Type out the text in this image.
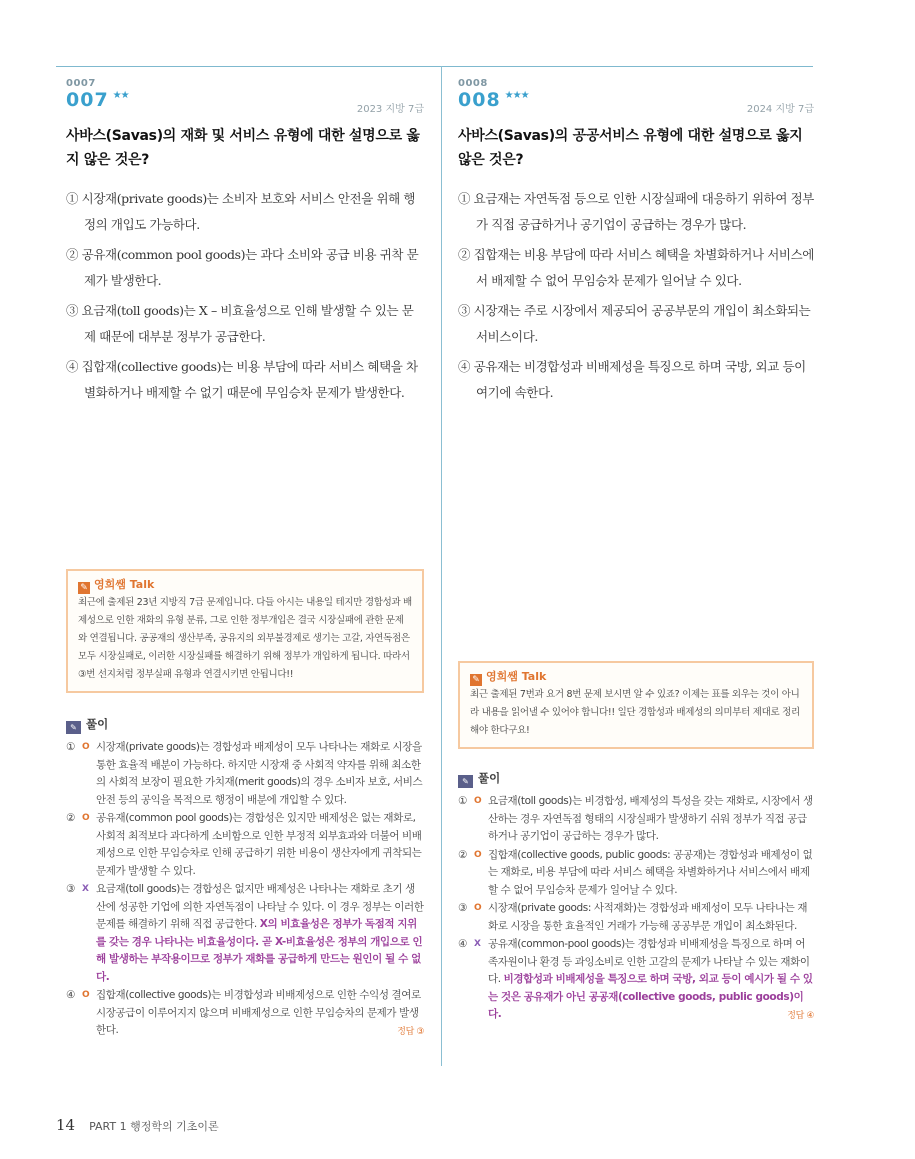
0007
007 ★★
2023 지방 7급
사바스(Savas)의 재화 및 서비스 유형에 대한 설명으로 옳지 않은 것은?
① 시장재(private goods)는 소비자 보호와 서비스 안전을 위해 행정의 개입도 가능하다.
② 공유재(common pool goods)는 과다 소비와 공급 비용 귀착 문제가 발생한다.
③ 요금재(toll goods)는 X – 비효율성으로 인해 발생할 수 있는 문제 때문에 대부분 정부가 공급한다.
④ 집합재(collective goods)는 비용 부담에 따라 서비스 혜택을 차별화하거나 배제할 수 없기 때문에 무임승차 문제가 발생한다.
✎ 영희쌤 Talk
최근에 출제된 23년 지방직 7급 문제입니다. 다들 아시는 내용일 테지만 경합성과 배제성으로 인한 재화의 유형 분류, 그로 인한 정부개입은 결국 시장실패에 관한 문제와 연결됩니다. 공공재의 생산부족, 공유지의 외부불경제로 생기는 고갈, 자연독점은 모두 시장실패로, 이러한 시장실패를 해결하기 위해 정부가 개입하게 됩니다. 따라서 ③번 선지처럼 정부실패 유형과 연결시키면 안됩니다!!
✎ 풀이
① O 시장재(private goods)는 경합성과 배제성이 모두 나타나는 재화로 시장을 통한 효율적 배분이 가능하다. 하지만 시장재 중 사회적 약자를 위해 최소한의 사회적 보장이 필요한 가치재(merit goods)의 경우 소비자 보호, 서비스 안전 등의 공익을 목적으로 행정이 배분에 개입할 수 있다.
② O 공유재(common pool goods)는 경합성은 있지만 배제성은 없는 재화로, 사회적 최적보다 과다하게 소비함으로 인한 부정적 외부효과와 더불어 비배제성으로 인한 무임승차로 인해 공급하기 위한 비용이 생산자에게 귀착되는 문제가 발생할 수 있다.
③ X 요금재(toll goods)는 경합성은 없지만 배제성은 나타나는 재화로 초기 생산에 성공한 기업에 의한 자연독점이 나타날 수 있다. 이 경우 정부는 이러한 문제를 해결하기 위해 직접 공급한다. X의 비효율성은 정부가 독점적 지위를 갖는 경우 나타나는 비효율성이다. 곧 X-비효율성은 정부의 개입으로 인해 발생하는 부작용이므로 정부가 재화를 공급하게 만드는 원인이 될 수 없다.
④ O 집합재(collective goods)는 비경합성과 비배제성으로 인한 수익성 결여로 시장공급이 이루어지지 않으며 비배제성으로 인한 무임승차의 문제가 발생한다.	정답 ③
0008
008 ★★★
2024 지방 7급
사바스(Savas)의 공공서비스 유형에 대한 설명으로 옳지 않은 것은?
① 요금재는 자연독점 등으로 인한 시장실패에 대응하기 위하여 정부가 직접 공급하거나 공기업이 공급하는 경우가 많다.
② 집합재는 비용 부담에 따라 서비스 혜택을 차별화하거나 서비스에서 배제할 수 없어 무임승차 문제가 일어날 수 있다.
③ 시장재는 주로 시장에서 제공되어 공공부문의 개입이 최소화되는 서비스이다.
④ 공유재는 비경합성과 비배제성을 특징으로 하며 국방, 외교 등이 여기에 속한다.
✎ 영희쌤 Talk
최근 출제된 7번과 요거 8번 문제 보시면 알 수 있죠? 이제는 표를 외우는 것이 아니라 내용을 읽어낼 수 있어야 합니다!! 일단 경합성과 배제성의 의미부터 제대로 정리해야 한다구요!
✎ 풀이
① O 요금재(toll goods)는 비경합성, 배제성의 특성을 갖는 재화로, 시장에서 생산하는 경우 자연독점 형태의 시장실패가 발생하기 쉬워 정부가 직접 공급하거나 공기업이 공급하는 경우가 많다.
② O 집합재(collective goods, public goods: 공공재)는 경합성과 배제성이 없는 재화로, 비용 부담에 따라 서비스 혜택을 차별화하거나 서비스에서 배제할 수 없어 무임승차 문제가 일어날 수 있다.
③ O 시장재(private goods: 사적재화)는 경합성과 배제성이 모두 나타나는 재화로 시장을 통한 효율적인 거래가 가능해 공공부문 개입이 최소화된다.
④ X 공유재(common-pool goods)는 경합성과 비배제성을 특징으로 하며 어족자원이나 환경 등 과잉소비로 인한 고갈의 문제가 나타날 수 있는 재화이다. 비경합성과 비배제성을 특징으로 하며 국방, 외교 등이 예시가 될 수 있는 것은 공유재가 아닌 공공재(collective goods, public goods)이다.	정답 ④
14 PART 1 행정학의 기초이론
